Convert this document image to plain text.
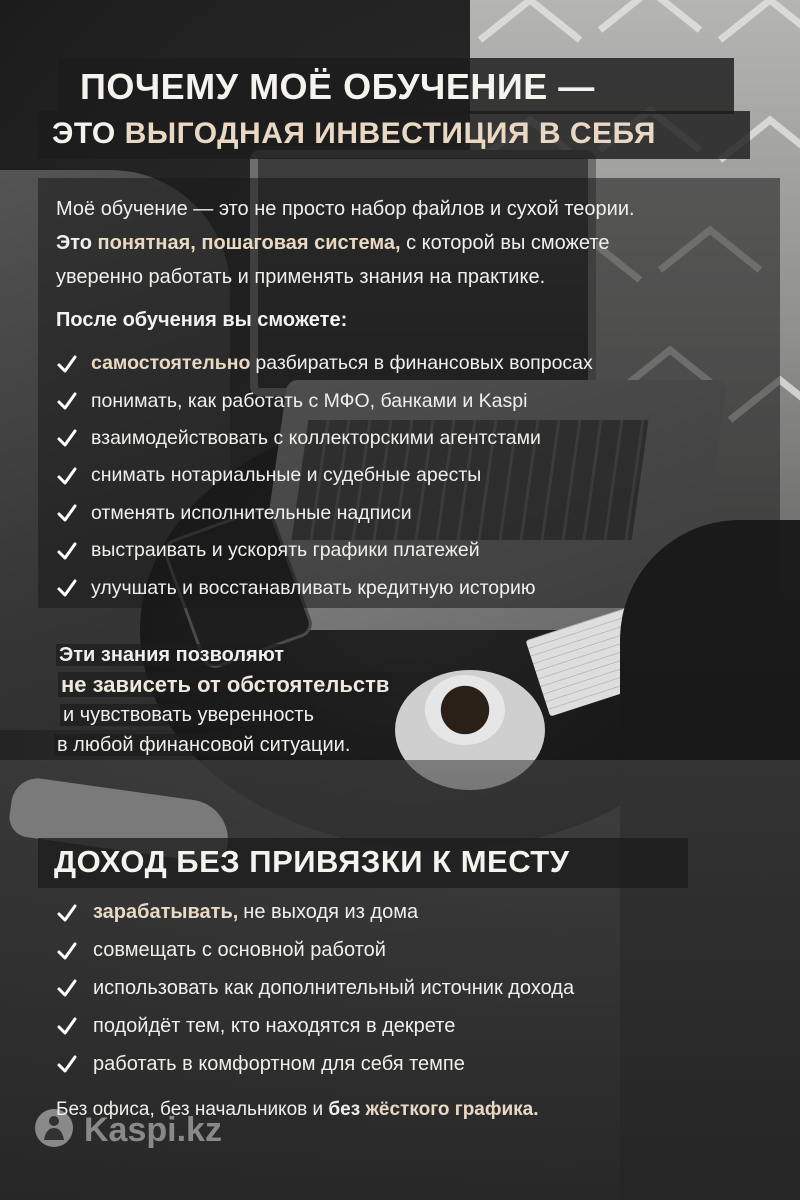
ПОЧЕМУ МОЁ ОБУЧЕНИЕ —
ЭТО ВЫГОДНАЯ ИНВЕСТИЦИЯ В СЕБЯ
Моё обучение — это не просто набор файлов и сухой теории.
Это понятная, пошаговая система, с которой вы сможете
уверенно работать и применять знания на практике.
После обучения вы сможете:
самостоятельно разбираться в финансовых вопросах
понимать, как работать с МФО, банками и Kaspi
взаимодействовать с коллекторскими агентстами
снимать нотариальные и судебные аресты
отменять исполнительные надписи
выстраивать и ускорять графики платежей
улучшать и восстанавливать кредитную историю
Эти знания позволяют
не зависеть от обстоятельств
и чувствовать уверенность
в любой финансовой ситуации.
ДОХОД БЕЗ ПРИВЯЗКИ К МЕСТУ
зарабатывать, не выходя из дома
совмещать с основной работой
использовать как дополнительный источник дохода
подойдёт тем, кто находятся в декрете
работать в комфортном для себя темпе
Kaspi.kz
Без офиса, без начальников и без жёсткого графика.
